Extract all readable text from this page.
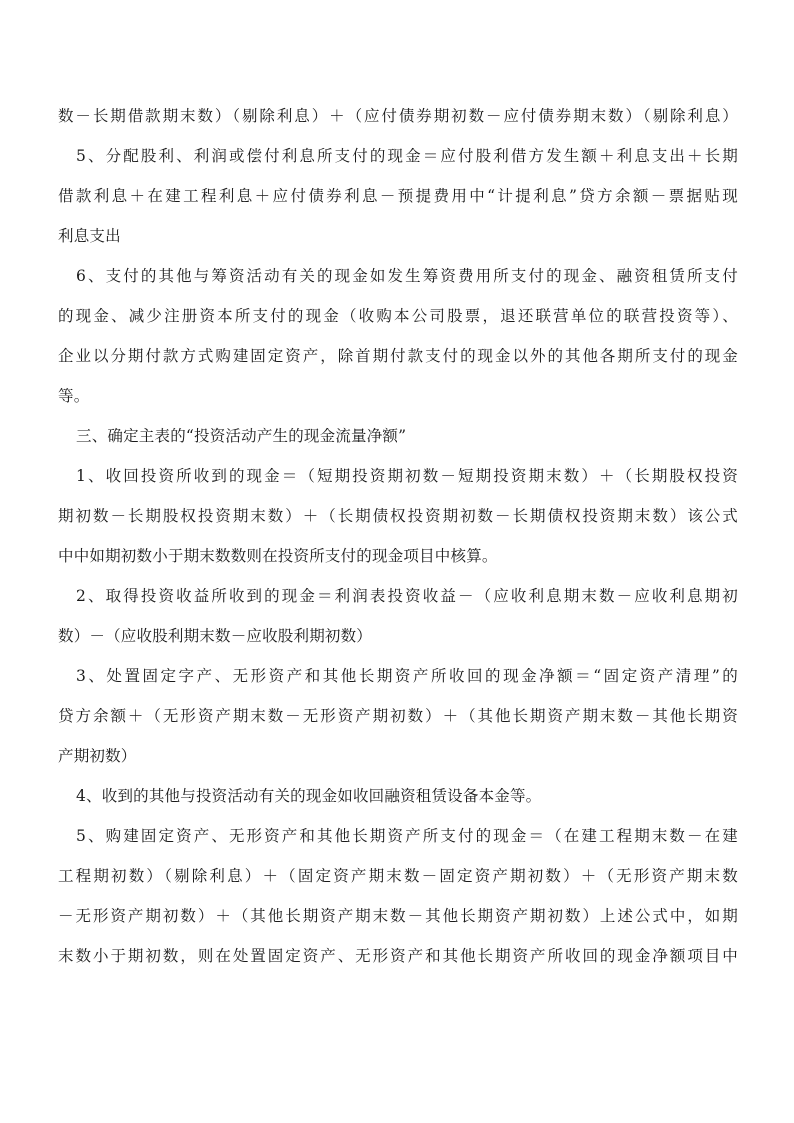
数－长期借款期末数）（剔除利息）＋（应付债券期初数－应付债券期末数）（剔除利息）
5、分配股利、利润或偿付利息所支付的现金＝应付股利借方发生额＋利息支出＋长期
借款利息＋在建工程利息＋应付债券利息－预提费用中“计提利息”贷方余额－票据贴现
利息支出
6、支付的其他与筹资活动有关的现金如发生筹资费用所支付的现金、融资租赁所支付
的现金、减少注册资本所支付的现金（收购本公司股票，退还联营单位的联营投资等）、
企业以分期付款方式购建固定资产，除首期付款支付的现金以外的其他各期所支付的现金
等。
三、确定主表的“投资活动产生的现金流量净额”
1、收回投资所收到的现金＝（短期投资期初数－短期投资期末数）＋（长期股权投资
期初数－长期股权投资期末数）＋（长期债权投资期初数－长期债权投资期末数）该公式
中中如期初数小于期末数数则在投资所支付的现金项目中核算。
2、取得投资收益所收到的现金＝利润表投资收益－（应收利息期末数－应收利息期初
数）－（应收股利期末数－应收股利期初数）
3、处置固定字产、无形资产和其他长期资产所收回的现金净额＝“固定资产清理”的
贷方余额＋（无形资产期末数－无形资产期初数）＋（其他长期资产期末数－其他长期资
产期初数）
4、收到的其他与投资活动有关的现金如收回融资租赁设备本金等。
5、购建固定资产、无形资产和其他长期资产所支付的现金＝（在建工程期末数－在建
工程期初数）（剔除利息）＋（固定资产期末数－固定资产期初数）＋（无形资产期末数
－无形资产期初数）＋（其他长期资产期末数－其他长期资产期初数）上述公式中，如期
末数小于期初数，则在处置固定资产、无形资产和其他长期资产所收回的现金净额项目中
